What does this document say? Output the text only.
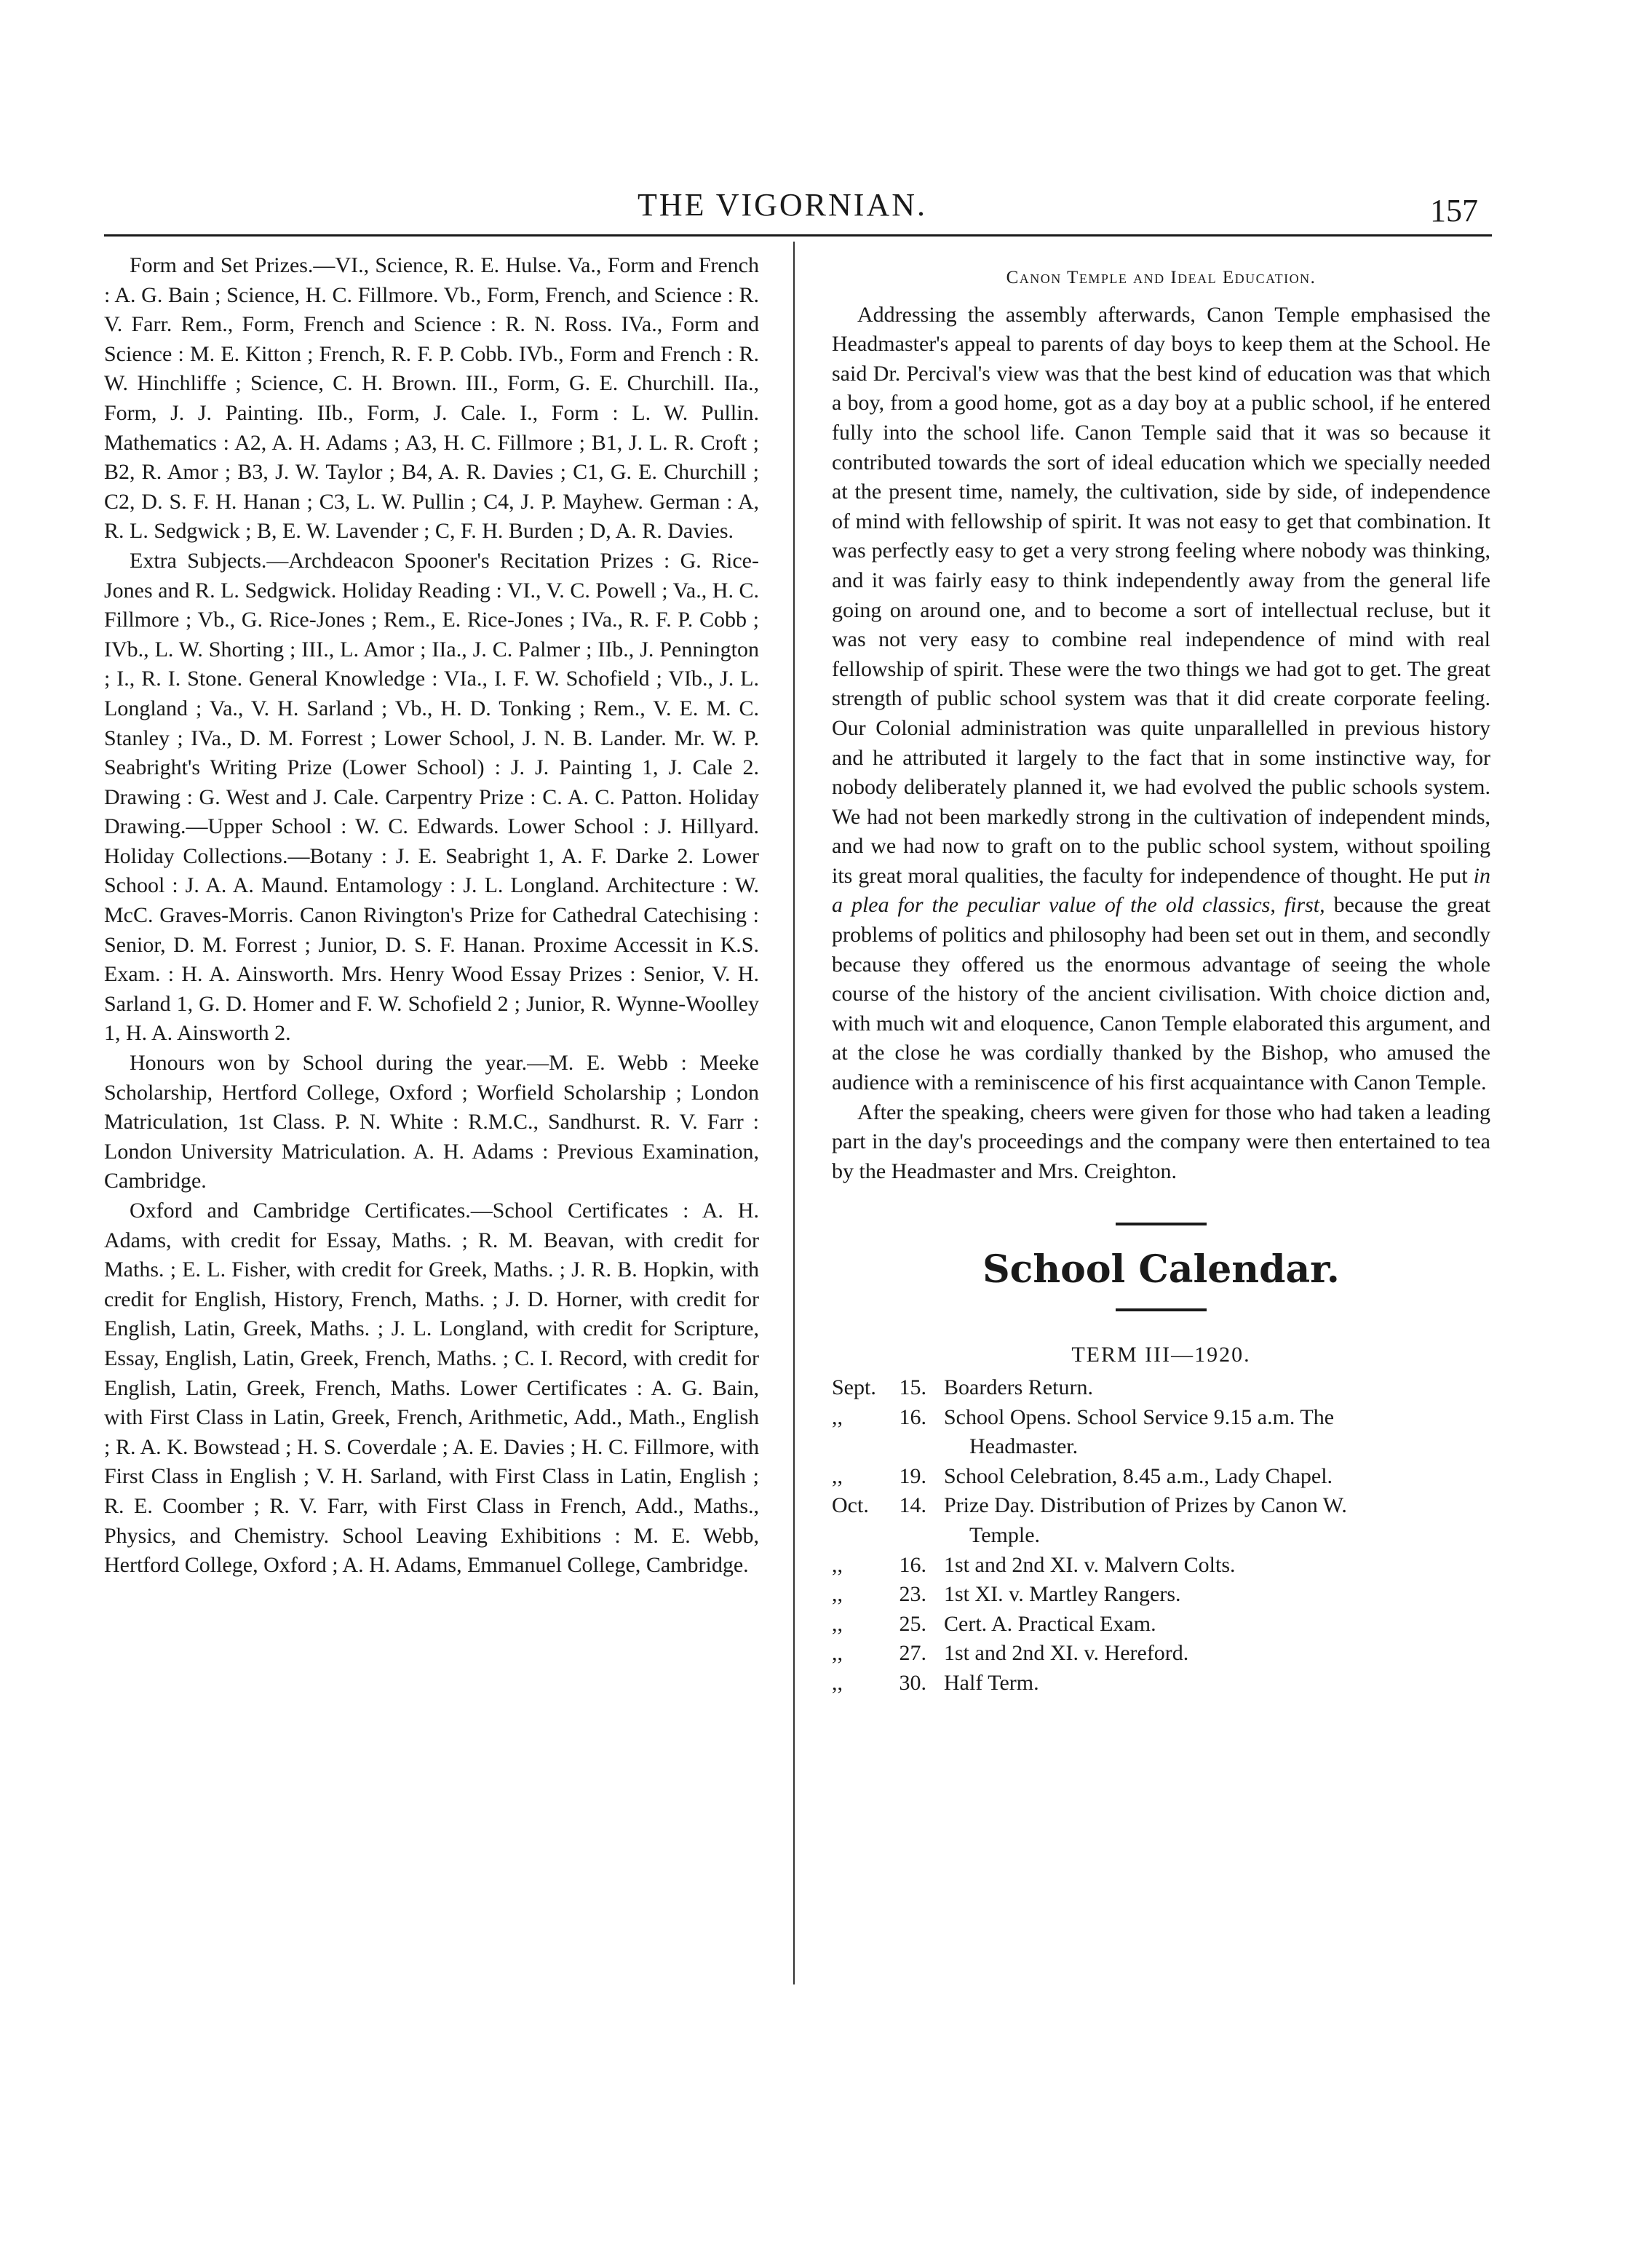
THE VIGORNIAN.	157

Form and Set Prizes.—VI., Science, R. E. Hulse. Va., Form and French : A. G. Bain ; Science, H. C. Fillmore. Vb., Form, French, and Science : R. V. Farr. Rem., Form, French and Science : R. N. Ross. IVa., Form and Science : M. E. Kitton ; French, R. F. P. Cobb. IVb., Form and French : R. W. Hinchliffe ; Science, C. H. Brown. III., Form, G. E. Churchill. IIa., Form, J. J. Painting. IIb., Form, J. Cale. I., Form : L. W. Pullin. Mathematics : A2, A. H. Adams ; A3, H. C. Fillmore ; B1, J. L. R. Croft ; B2, R. Amor ; B3, J. W. Taylor ; B4, A. R. Davies ; C1, G. E. Churchill ; C2, D. S. F. H. Hanan ; C3, L. W. Pullin ; C4, J. P. Mayhew. German : A, R. L. Sedgwick ; B, E. W. Lavender ; C, F. H. Burden ; D, A. R. Davies.

Extra Subjects.—Archdeacon Spooner's Recitation Prizes : G. Rice-Jones and R. L. Sedgwick. Holiday Reading : VI., V. C. Powell ; Va., H. C. Fillmore ; Vb., G. Rice-Jones ; Rem., E. Rice-Jones ; IVa., R. F. P. Cobb ; IVb., L. W. Shorting ; III., L. Amor ; IIa., J. C. Palmer ; IIb., J. Pennington ; I., R. I. Stone. General Knowledge : VIa., I. F. W. Schofield ; VIb., J. L. Longland ; Va., V. H. Sarland ; Vb., H. D. Tonking ; Rem., V. E. M. C. Stanley ; IVa., D. M. Forrest ; Lower School, J. N. B. Lander. Mr. W. P. Seabright's Writing Prize (Lower School) : J. J. Painting 1, J. Cale 2. Drawing : G. West and J. Cale. Carpentry Prize : C. A. C. Patton. Holiday Drawing.—Upper School : W. C. Edwards. Lower School : J. Hillyard. Holiday Collections.—Botany : J. E. Seabright 1, A. F. Darke 2. Lower School : J. A. A. Maund. Entamology : J. L. Longland. Architecture : W. McC. Graves-Morris. Canon Rivington's Prize for Cathedral Catechising : Senior, D. M. Forrest ; Junior, D. S. F. Hanan. Proxime Accessit in K.S. Exam. : H. A. Ainsworth. Mrs. Henry Wood Essay Prizes : Senior, V. H. Sarland 1, G. D. Homer and F. W. Schofield 2 ; Junior, R. Wynne-Woolley 1, H. A. Ainsworth 2.

Honours won by School during the year.—M. E. Webb : Meeke Scholarship, Hertford College, Oxford ; Worfield Scholarship ; London Matriculation, 1st Class. P. N. White : R.M.C., Sandhurst. R. V. Farr : London University Matriculation. A. H. Adams : Previous Examination, Cambridge.

Oxford and Cambridge Certificates.—School Certificates : A. H. Adams, with credit for Essay, Maths. ; R. M. Beavan, with credit for Maths. ; E. L. Fisher, with credit for Greek, Maths. ; J. R. B. Hopkin, with credit for English, History, French, Maths. ; J. D. Horner, with credit for English, Latin, Greek, Maths. ; J. L. Longland, with credit for Scripture, Essay, English, Latin, Greek, French, Maths. ; C. I. Record, with credit for English, Latin, Greek, French, Maths. Lower Certificates : A. G. Bain, with First Class in Latin, Greek, French, Arithmetic, Add., Math., English ; R. A. K. Bowstead ; H. S. Coverdale ; A. E. Davies ; H. C. Fillmore, with First Class in English ; V. H. Sarland, with First Class in Latin, English ; R. E. Coomber ; R. V. Farr, with First Class in French, Add., Maths., Physics, and Chemistry. School Leaving Exhibitions : M. E. Webb, Hertford College, Oxford ; A. H. Adams, Emmanuel College, Cambridge.

Canon Temple and Ideal Education.

Addressing the assembly afterwards, Canon Temple emphasised the Headmaster's appeal to parents of day boys to keep them at the School. He said Dr. Percival's view was that the best kind of education was that which a boy, from a good home, got as a day boy at a public school, if he entered fully into the school life. Canon Temple said that it was so because it contributed towards the sort of ideal education which we specially needed at the present time, namely, the cultivation, side by side, of independence of mind with fellowship of spirit. It was not easy to get that combination. It was perfectly easy to get a very strong feeling where nobody was thinking, and it was fairly easy to think independently away from the general life going on around one, and to become a sort of intellectual recluse, but it was not very easy to combine real independence of mind with real fellowship of spirit. These were the two things we had got to get. The great strength of public school system was that it did create corporate feeling. Our Colonial administration was quite unparallelled in previous history and he attributed it largely to the fact that in some instinctive way, for nobody deliberately planned it, we had evolved the public schools system. We had not been markedly strong in the cultivation of independent minds, and we had now to graft on to the public school system, without spoiling its great moral qualities, the faculty for independence of thought. He put in a plea for the peculiar value of the old classics, first, because the great problems of politics and philosophy had been set out in them, and secondly because they offered us the enormous advantage of seeing the whole course of the history of the ancient civilisation. With choice diction and, with much wit and eloquence, Canon Temple elaborated this argument, and at the close he was cordially thanked by the Bishop, who amused the audience with a reminiscence of his first acquaintance with Canon Temple.

After the speaking, cheers were given for those who had taken a leading part in the day's proceedings and the company were then entertained to tea by the Headmaster and Mrs. Creighton.

School Calendar.
TERM III—1920.
Sept.	15. Boarders Return.
,,	16. School Opens. School Service 9.15 a.m. The
Headmaster.
,,	19. School Celebration, 8.45 a.m., Lady Chapel.
Oct.	14. Prize Day. Distribution of Prizes by Canon W.
Temple.
,,	16. 1st and 2nd XI. v. Malvern Colts.
,,	23. 1st XI. v. Martley Rangers.
,,	25. Cert. A. Practical Exam.
,,	27. 1st and 2nd XI. v. Hereford.
,,	30. Half Term.
